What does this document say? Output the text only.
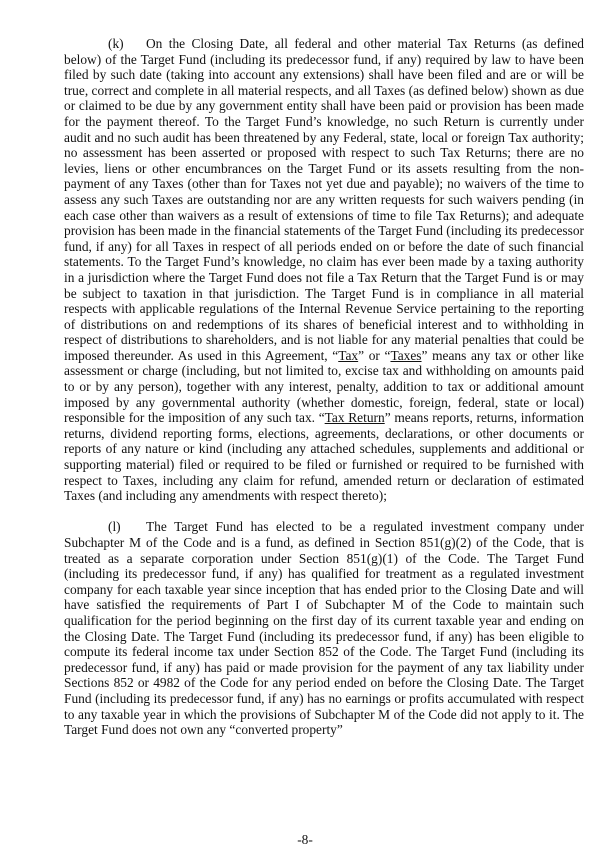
(k) On the Closing Date, all federal and other material Tax Returns (as defined below) of the Target Fund (including its predecessor fund, if any) required by law to have been filed by such date (taking into account any extensions) shall have been filed and are or will be true, correct and complete in all material respects, and all Taxes (as defined below) shown as due or claimed to be due by any government entity shall have been paid or provision has been made for the payment thereof. To the Target Fund’s knowledge, no such Return is currently under audit and no such audit has been threatened by any Federal, state, local or foreign Tax authority; no assessment has been asserted or proposed with respect to such Tax Returns; there are no levies, liens or other encumbrances on the Target Fund or its assets resulting from the non-payment of any Taxes (other than for Taxes not yet due and payable); no waivers of the time to assess any such Taxes are outstanding nor are any written requests for such waivers pending (in each case other than waivers as a result of extensions of time to file Tax Returns); and adequate provision has been made in the financial statements of the Target Fund (including its predecessor fund, if any) for all Taxes in respect of all periods ended on or before the date of such financial statements. To the Target Fund’s knowledge, no claim has ever been made by a taxing authority in a jurisdiction where the Target Fund does not file a Tax Return that the Target Fund is or may be subject to taxation in that jurisdiction. The Target Fund is in compliance in all material respects with applicable regulations of the Internal Revenue Service pertaining to the reporting of distributions on and redemptions of its shares of beneficial interest and to withholding in respect of distributions to shareholders, and is not liable for any material penalties that could be imposed thereunder. As used in this Agreement, “Tax” or “Taxes” means any tax or other like assessment or charge (including, but not limited to, excise tax and withholding on amounts paid to or by any person), together with any interest, penalty, addition to tax or additional amount imposed by any governmental authority (whether domestic, foreign, federal, state or local) responsible for the imposition of any such tax. “Tax Return” means reports, returns, information returns, dividend reporting forms, elections, agreements, declarations, or other documents or reports of any nature or kind (including any attached schedules, supplements and additional or supporting material) filed or required to be filed or furnished or required to be furnished with respect to Taxes, including any claim for refund, amended return or declaration of estimated Taxes (and including any amendments with respect thereto);

(l) The Target Fund has elected to be a regulated investment company under Subchapter M of the Code and is a fund, as defined in Section 851(g)(2) of the Code, that is treated as a separate corporation under Section 851(g)(1) of the Code. The Target Fund (including its predecessor fund, if any) has qualified for treatment as a regulated investment company for each taxable year since inception that has ended prior to the Closing Date and will have satisfied the requirements of Part I of Subchapter M of the Code to maintain such qualification for the period beginning on the first day of its current taxable year and ending on the Closing Date. The Target Fund (including its predecessor fund, if any) has been eligible to compute its federal income tax under Section 852 of the Code. The Target Fund (including its predecessor fund, if any) has paid or made provision for the payment of any tax liability under Sections 852 or 4982 of the Code for any period ended on before the Closing Date. The Target Fund (including its predecessor fund, if any) has no earnings or profits accumulated with respect to any taxable year in which the provisions of Subchapter M of the Code did not apply to it. The Target Fund does not own any “converted property”

-8-
